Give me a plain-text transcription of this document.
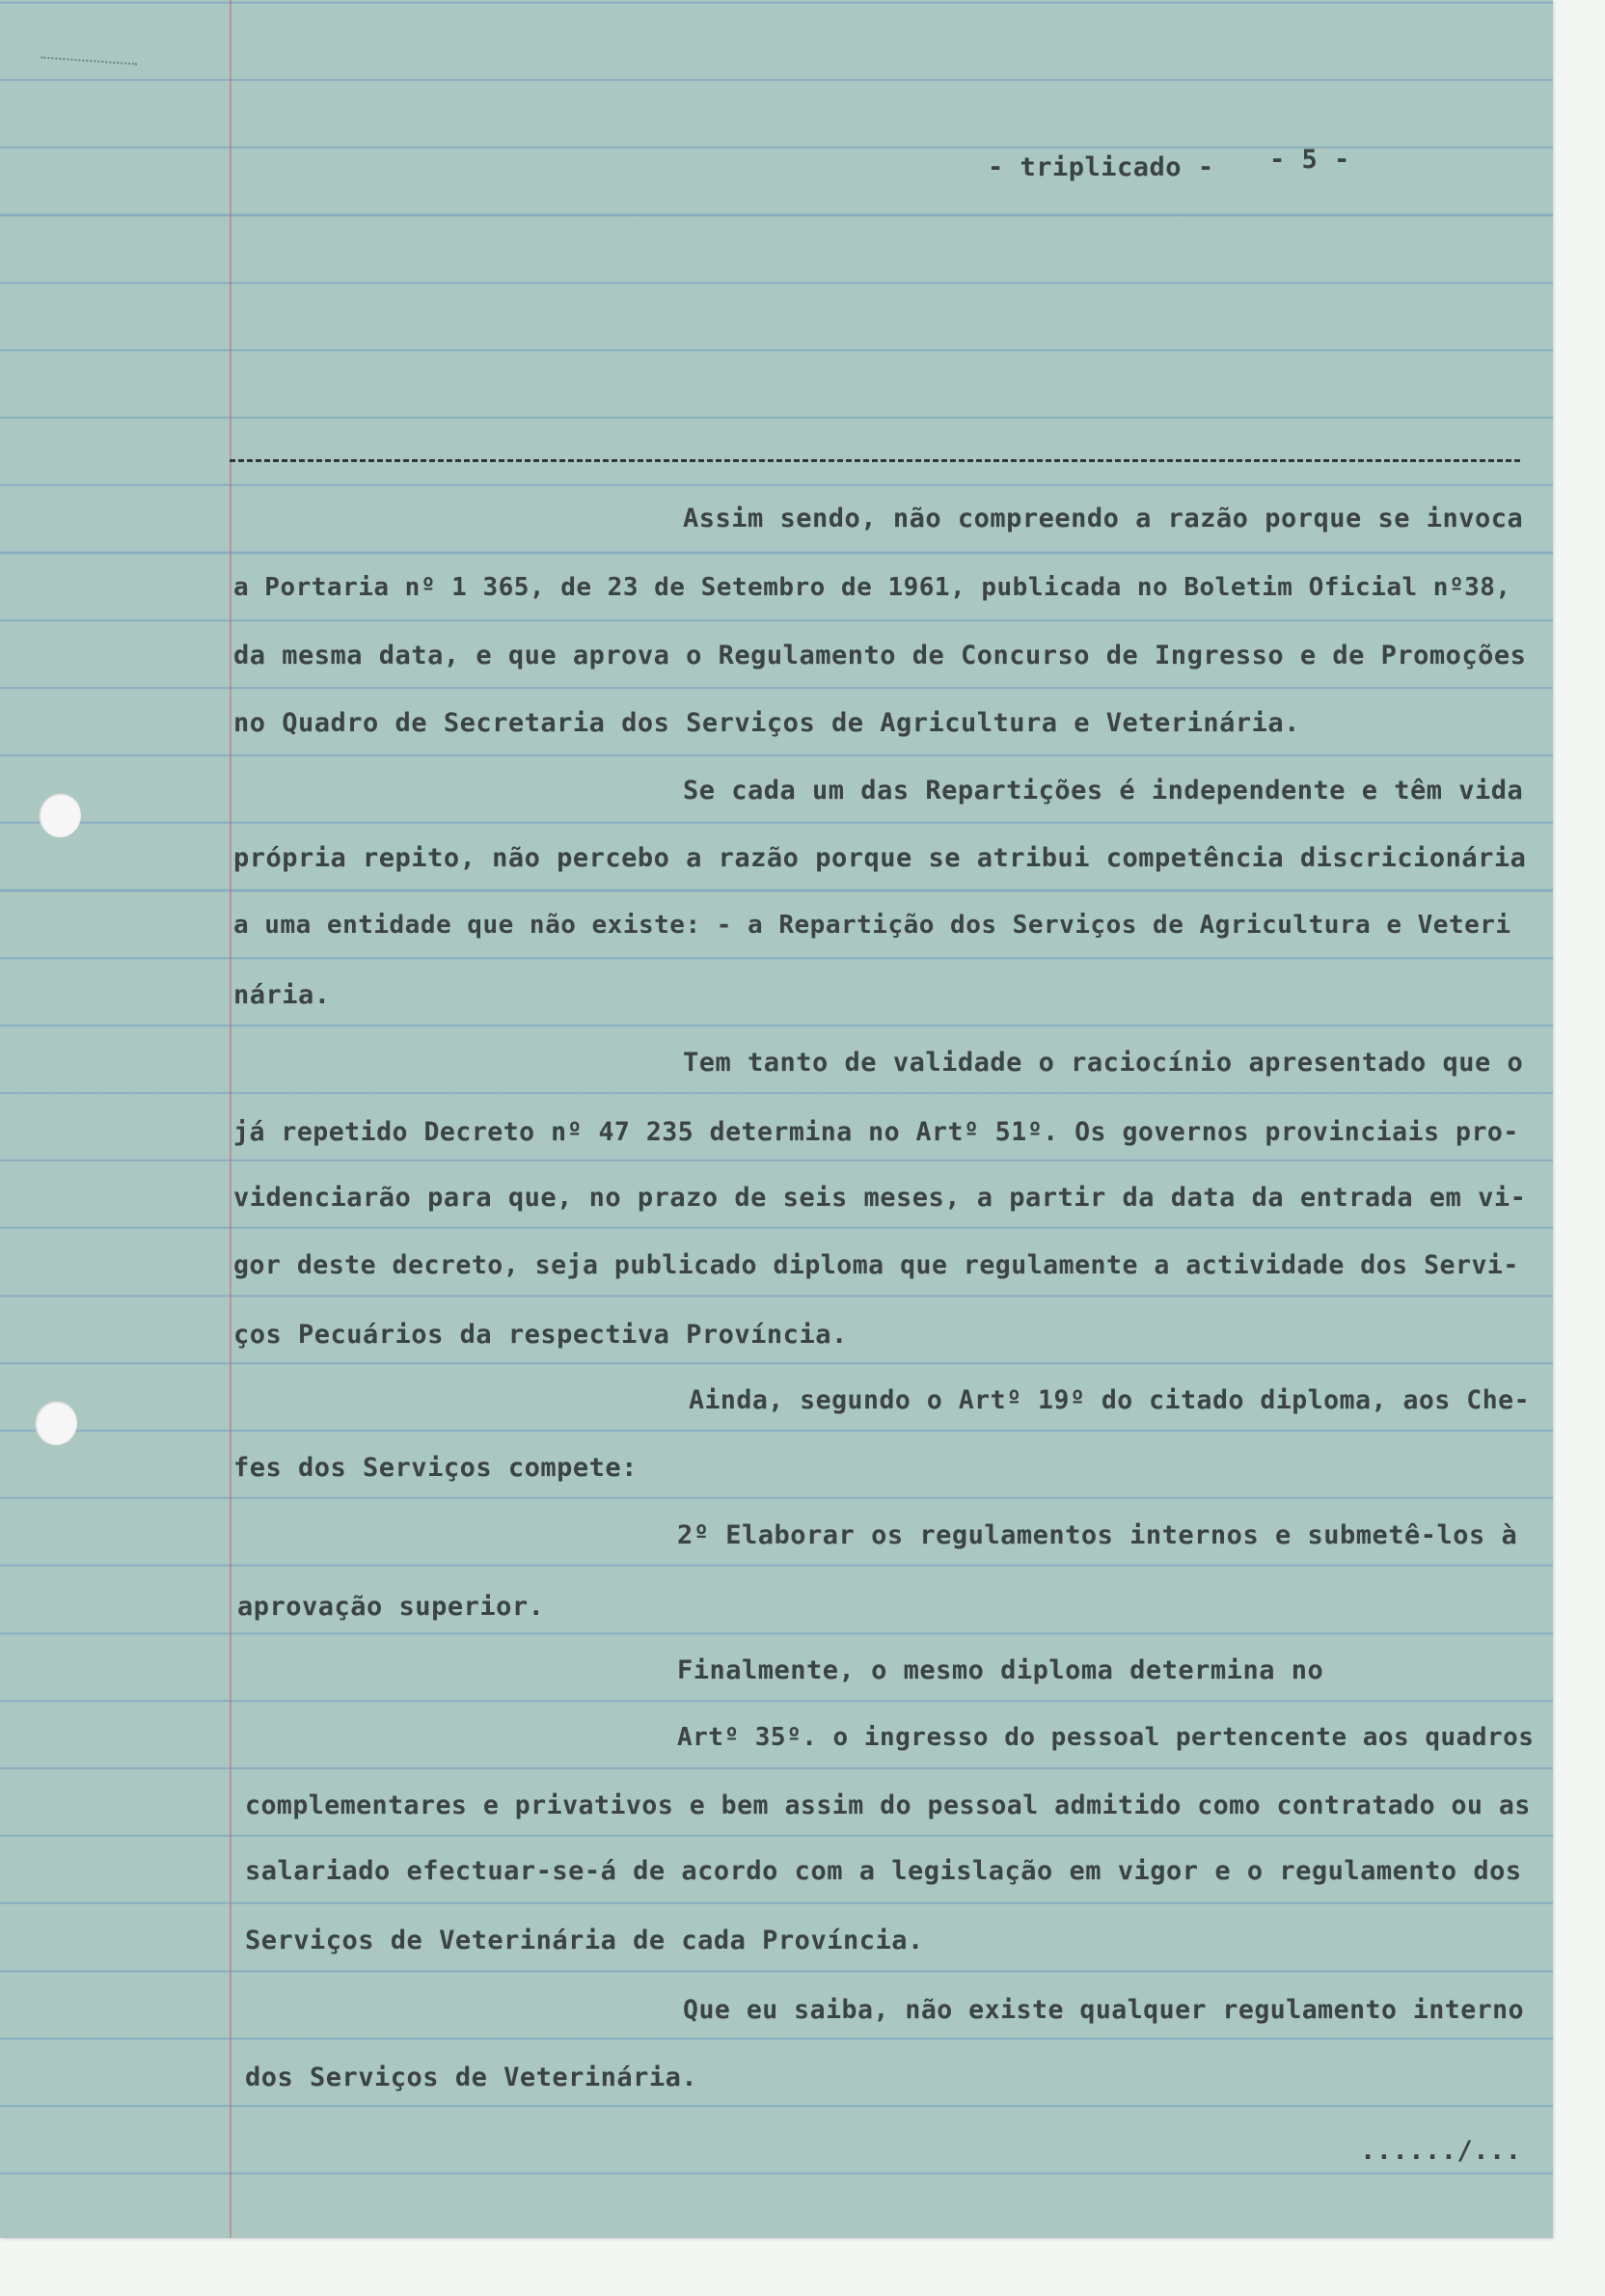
- triplicado - - 5 -
Assim sendo, não compreendo a razão porque se invoca
a Portaria nº 1 365, de 23 de Setembro de 1961, publicada no Boletim Oficial nº38,
da mesma data, e que aprova o Regulamento de Concurso de Ingresso e de Promoções
no Quadro de Secretaria dos Serviços de Agricultura e Veterinária.
Se cada um das Repartições é independente e têm vida
própria repito, não percebo a razão porque se atribui competência discricionária
a uma entidade que não existe: - a Repartição dos Serviços de Agricultura e Veteri
nária.
Tem tanto de validade o raciocínio apresentado que o
já repetido Decreto nº 47 235 determina no Artº 51º. Os governos provinciais pro-
videnciarão para que, no prazo de seis meses, a partir da data da entrada em vi-
gor deste decreto, seja publicado diploma que regulamente a actividade dos Servi-
ços Pecuários da respectiva Província.
Ainda, segundo o Artº 19º do citado diploma, aos Che-
fes dos Serviços compete:
2º Elaborar os regulamentos internos e submetê-los à
aprovação superior.
Finalmente, o mesmo diploma determina no
Artº 35º. o ingresso do pessoal pertencente aos quadros
complementares e privativos e bem assim do pessoal admitido como contratado ou as
salariado efectuar-se-á de acordo com a legislação em vigor e o regulamento dos
Serviços de Veterinária de cada Província.
Que eu saiba, não existe qualquer regulamento interno
dos Serviços de Veterinária.
....../...
